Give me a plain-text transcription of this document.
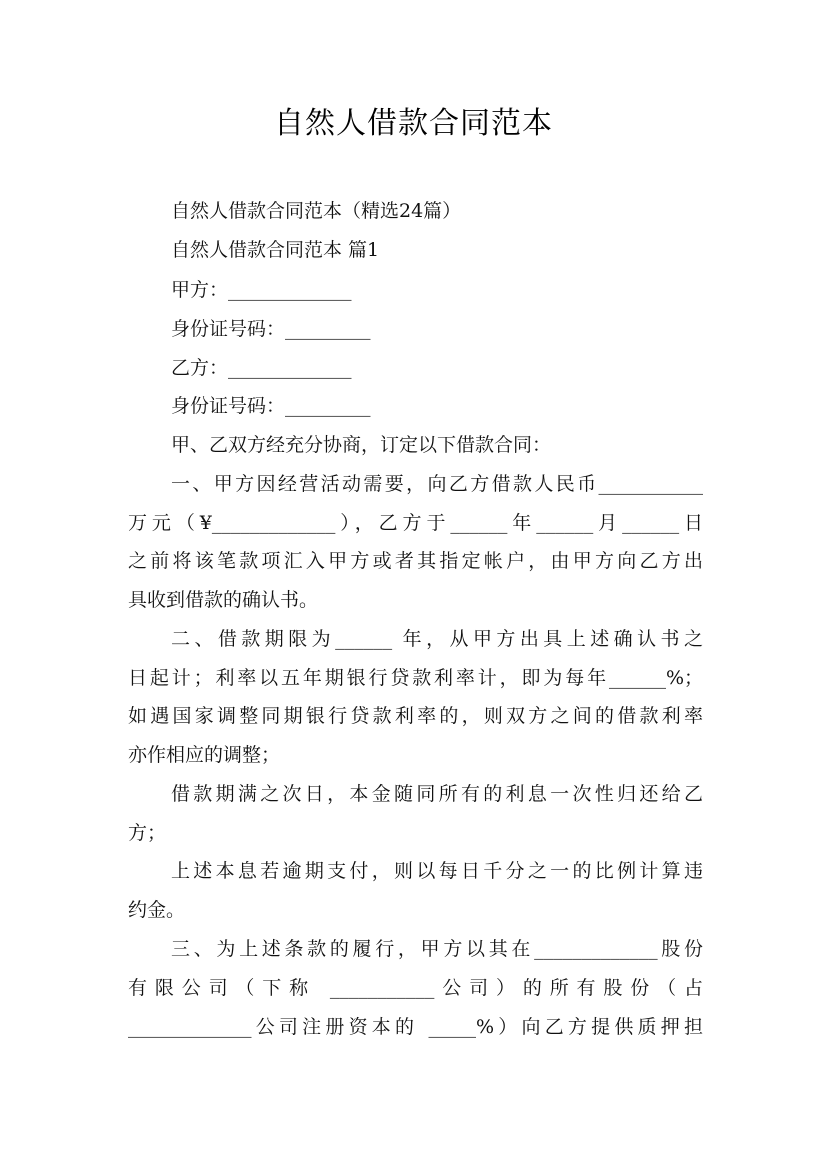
自然人借款合同范本
自然人借款合同范本（精选24篇）
自然人借款合同范本 篇1
甲方：_____________
身份证号码：_________
乙方：_____________
身份证号码：_________
甲、乙双方经充分协商，订定以下借款合同：
一、甲方因经营活动需要，向乙方借款人民币___________
万元（¥_____________），乙方于______年______月______日
之前将该笔款项汇入甲方或者其指定帐户，由甲方向乙方出
具收到借款的确认书。
二、借款期限为______ 年，从甲方出具上述确认书之
日起计；利率以五年期银行贷款利率计，即为每年______%；
如遇国家调整同期银行贷款利率的，则双方之间的借款利率
亦作相应的调整；
借款期满之次日，本金随同所有的利息一次性归还给乙
方；
上述本息若逾期支付，则以每日千分之一的比例计算违
约金。
三、为上述条款的履行，甲方以其在_____________股份
有限公司（下称 ___________公司）的所有股份（占
_____________公司注册资本的 _____%）向乙方提供质押担
